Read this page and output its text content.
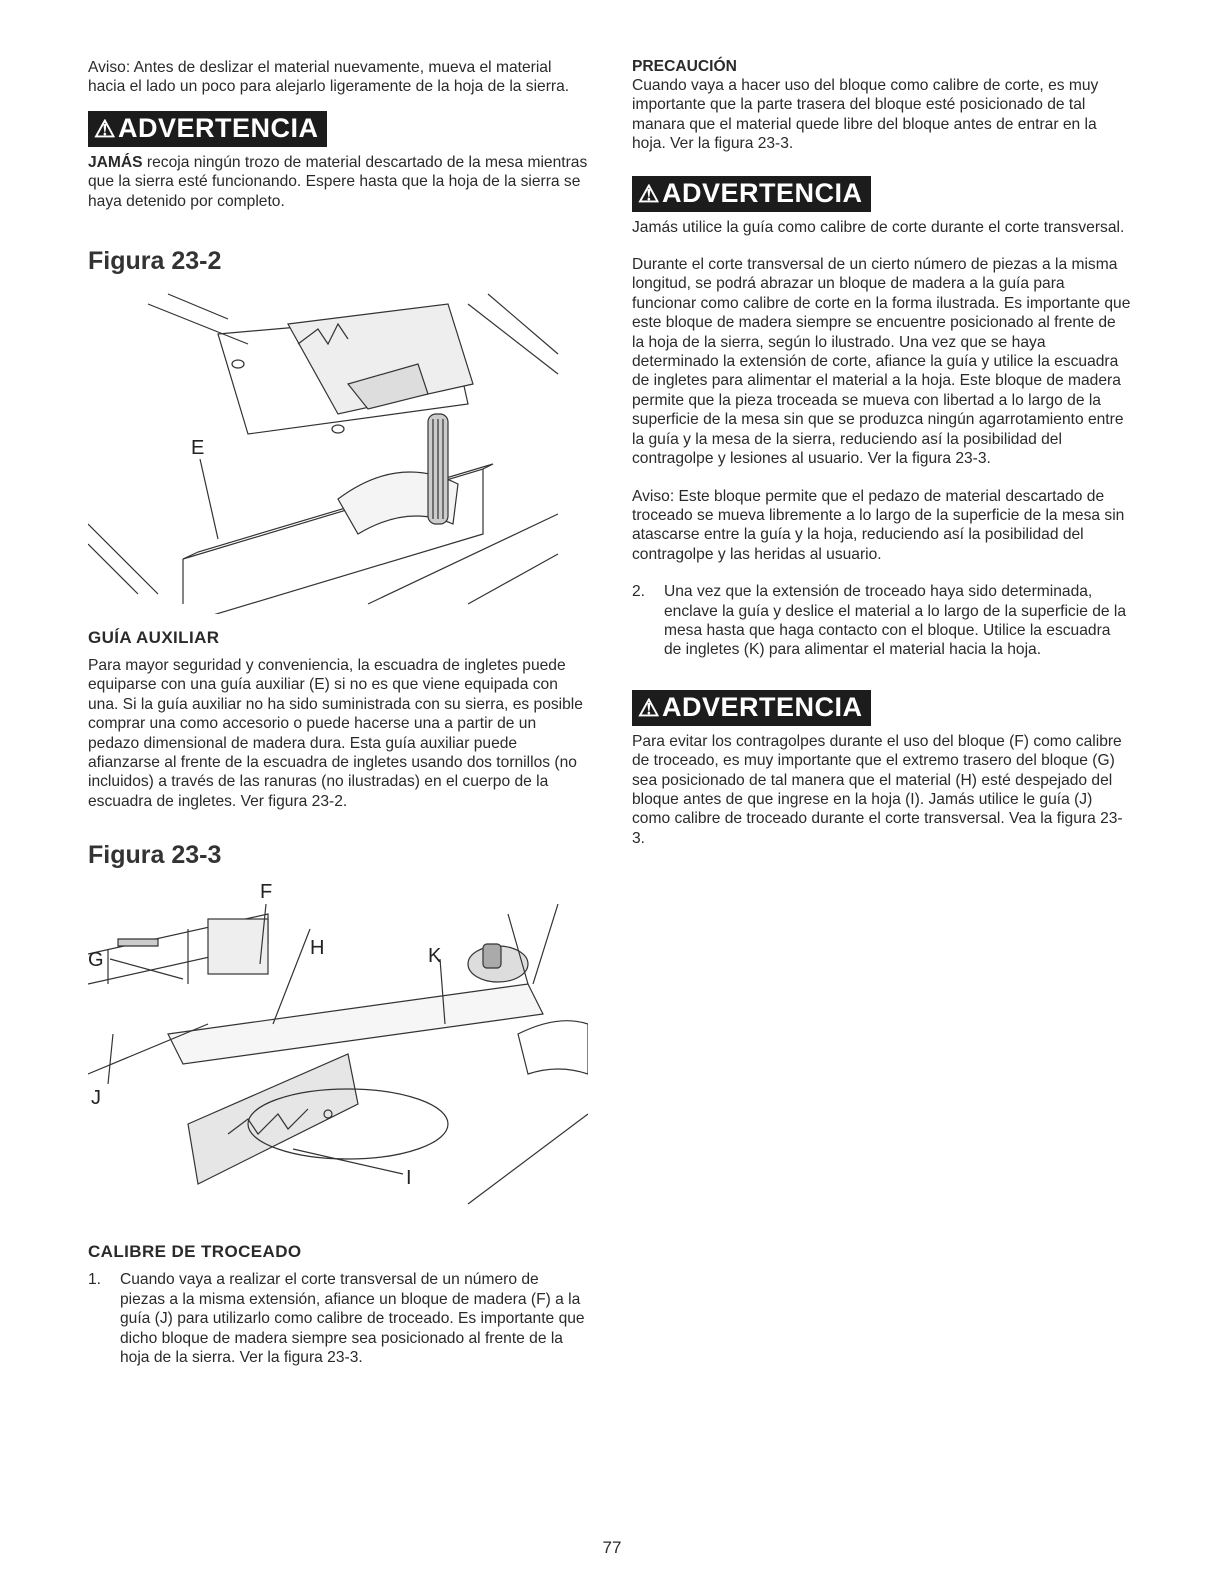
Aviso: Antes de deslizar el material nuevamente, mueva el material hacia el lado un poco para alejarlo ligeramente de la hoja de la sierra.

⚠ADVERTENCIA

JAMÁS recoja ningún trozo de material descartado de la mesa mientras que la sierra esté funcionando. Espere hasta que la hoja de la sierra se haya detenido por completo.

Figura 23-2

E

GUÍA AUXILIAR

Para mayor seguridad y conveniencia, la escuadra de ingletes puede equiparse con una guía auxiliar (E) si no es que viene equipada con una. Si la guía auxiliar no ha sido suministrada con su sierra, es posible comprar una como accesorio o puede hacerse una a partir de un pedazo dimensional de madera dura. Esta guía auxiliar puede afianzarse al frente de la escuadra de ingletes usando dos tornillos (no incluidos) a través de las ranuras (no ilustradas) en el cuerpo de la escuadra de ingletes. Ver figura 23-2.

Figura 23-3

F
G
H	K
J
I

CALIBRE DE TROCEADO

1. Cuando vaya a realizar el corte transversal de un número de piezas a la misma extensión, afiance un bloque de madera (F) a la guía (J) para utilizarlo como calibre de troceado. Es importante que dicho bloque de madera siempre sea posicionado al frente de la hoja de la sierra. Ver la figura 23-3.

PRECAUCIÓN

Cuando vaya a hacer uso del bloque como calibre de corte, es muy importante que la parte trasera del bloque esté posicionado de tal manara que el material quede libre del bloque antes de entrar en la hoja. Ver la figura 23-3.

⚠ADVERTENCIA

Jamás utilice la guía como calibre de corte durante el corte transversal.

Durante el corte transversal de un cierto número de piezas a la misma longitud, se podrá abrazar un bloque de madera a la guía para funcionar como calibre de corte en la forma ilustrada. Es importante que este bloque de madera siempre se encuentre posicionado al frente de la hoja de la sierra, según lo ilustrado. Una vez que se haya determinado la extensión de corte, afiance la guía y utilice la escuadra de ingletes para alimentar el material a la hoja. Este bloque de madera permite que la pieza troceada se mueva con libertad a lo largo de la superficie de la mesa sin que se produzca ningún agarrotamiento entre la guía y la mesa de la sierra, reduciendo así la posibilidad del contragolpe y lesiones al usuario. Ver la figura 23-3.

Aviso: Este bloque permite que el pedazo de material descartado de troceado se mueva libremente a lo largo de la superficie de la mesa sin atascarse entre la guía y la hoja, reduciendo así la posibilidad del contragolpe y las heridas al usuario.

2. Una vez que la extensión de troceado haya sido determinada, enclave la guía y deslice el material a lo largo de la superficie de la mesa hasta que haga contacto con el bloque. Utilice la escuadra de ingletes (K) para alimentar el material hacia la hoja.
⚠ADVERTENCIA

Para evitar los contragolpes durante el uso del bloque (F) como calibre de troceado, es muy importante que el extremo trasero del bloque (G) sea posicionado de tal manera que el material (H) esté despejado del bloque antes de que ingrese en la hoja (I). Jamás utilice le guía (J) como calibre de troceado durante el corte transversal. Vea la figura 23-3.

77
